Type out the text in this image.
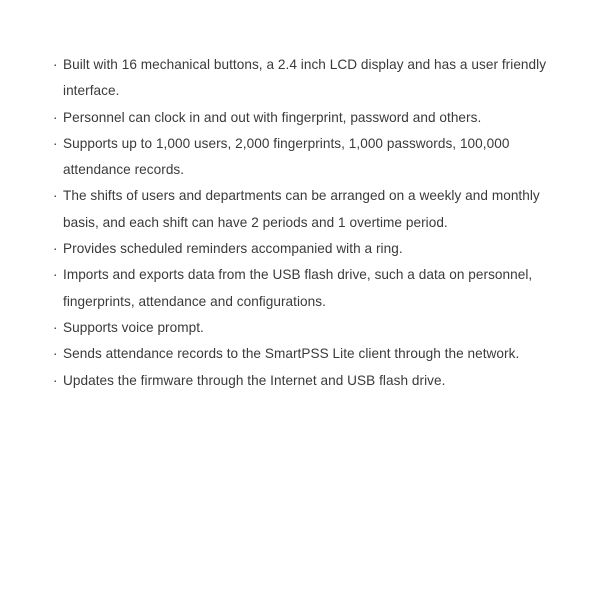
· Built with 16 mechanical buttons, a 2.4 inch LCD display and has a user friendly interface.
· Personnel can clock in and out with fingerprint, password and others.
· Supports up to 1,000 users, 2,000 fingerprints, 1,000 passwords, 100,000 attendance records.
· The shifts of users and departments can be arranged on a weekly and monthly basis, and each shift can have 2 periods and 1 overtime period.
· Provides scheduled reminders accompanied with a ring.
· Imports and exports data from the USB flash drive, such a data on personnel, fingerprints, attendance and configurations.
· Supports voice prompt.
· Sends attendance records to the SmartPSS Lite client through the network.
· Updates the firmware through the Internet and USB flash drive.
